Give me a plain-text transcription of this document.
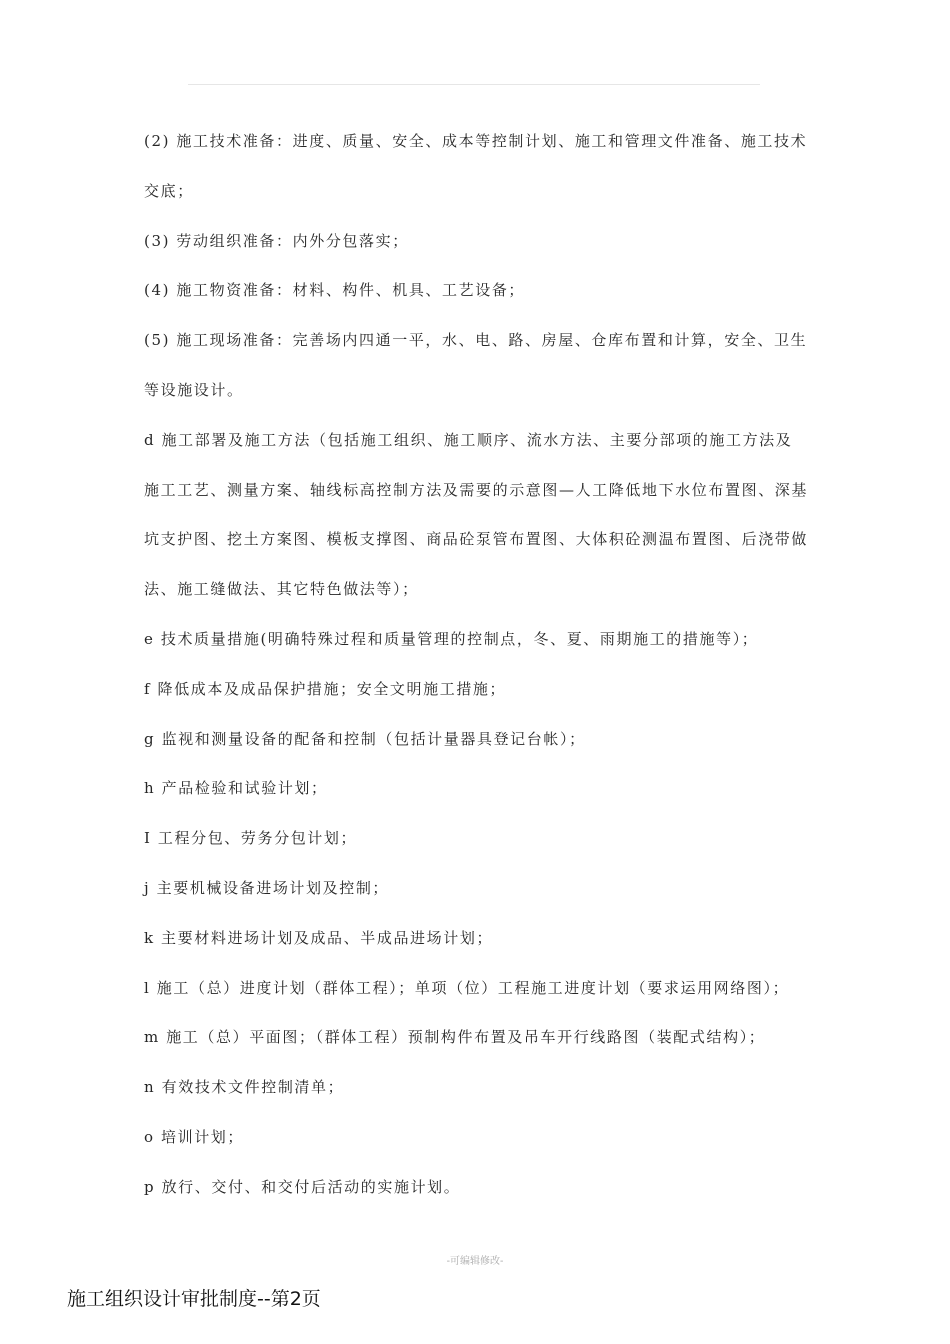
(2) 施工技术准备：进度、质量、安全、成本等控制计划、施工和管理文件准备、施工技术
交底；
(3) 劳动组织准备：内外分包落实；
(4) 施工物资准备：材料、构件、机具、工艺设备；
(5) 施工现场准备：完善场内四通一平，水、电、路、房屋、仓库布置和计算，安全、卫生
等设施设计。
d 施工部署及施工方法（包括施工组织、施工顺序、流水方法、主要分部项的施工方法及
施工工艺、测量方案、轴线标高控制方法及需要的示意图—人工降低地下水位布置图、深基
坑支护图、挖土方案图、模板支撑图、商品砼泵管布置图、大体积砼测温布置图、后浇带做
法、施工缝做法、其它特色做法等）；
e 技术质量措施(明确特殊过程和质量管理的控制点，冬、夏、雨期施工的措施等）；
f 降低成本及成品保护措施；安全文明施工措施；
g 监视和测量设备的配备和控制（包括计量器具登记台帐）；
h 产品检验和试验计划；
I 工程分包、劳务分包计划；
j 主要机械设备进场计划及控制；
k 主要材料进场计划及成品、半成品进场计划；
l 施工（总）进度计划（群体工程）；单项（位）工程施工进度计划（要求运用网络图）；
m 施工（总）平面图；（群体工程）预制构件布置及吊车开行线路图（装配式结构）；
n 有效技术文件控制清单；
o 培训计划；
p 放行、交付、和交付后活动的实施计划。
-可编辑修改-
施工组织设计审批制度--第2页
